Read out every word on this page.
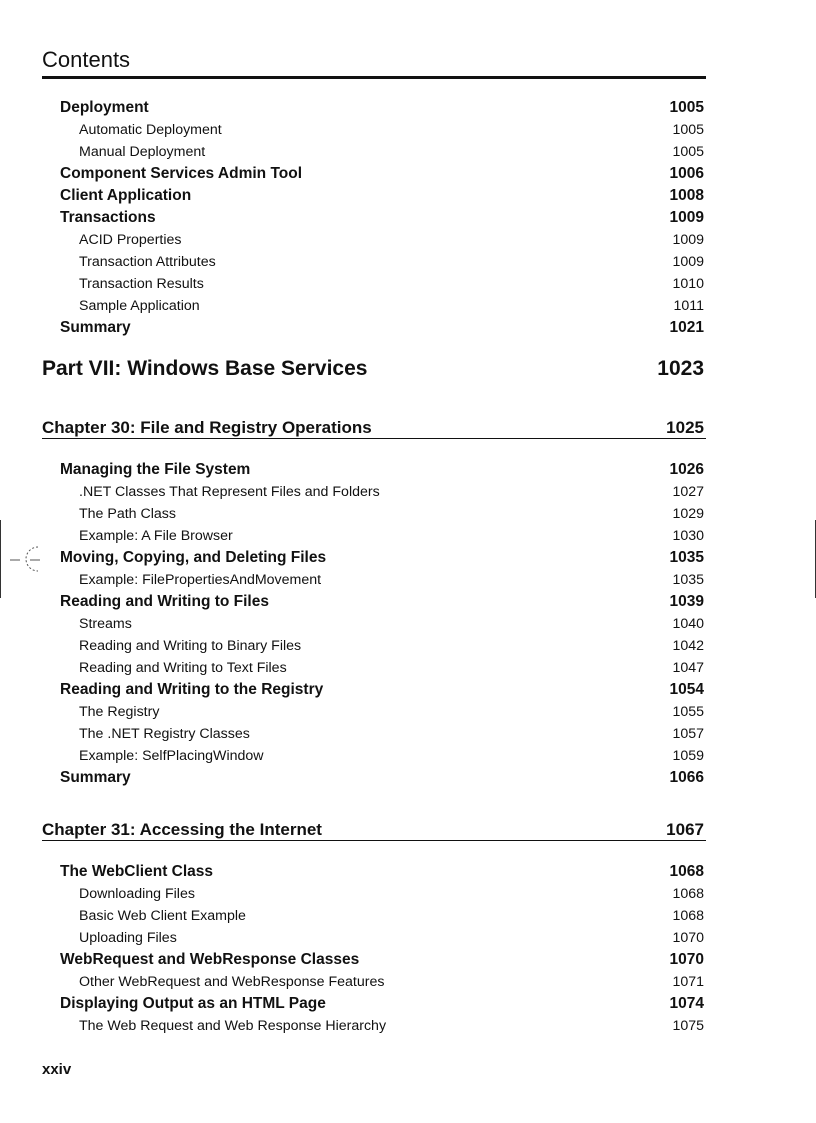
Contents
Deployment	1005
Automatic Deployment	1005
Manual Deployment	1005
Component Services Admin Tool	1006
Client Application	1008
Transactions	1009
ACID Properties	1009
Transaction Attributes	1009
Transaction Results	1010
Sample Application	1011
Summary	1021
Part VII: Windows Base Services	1023
Chapter 30: File and Registry Operations	1025
Managing the File System	1026
.NET Classes That Represent Files and Folders	1027
The Path Class	1029
Example: A File Browser	1030
Moving, Copying, and Deleting Files	1035
Example: FilePropertiesAndMovement	1035
Reading and Writing to Files	1039
Streams	1040
Reading and Writing to Binary Files	1042
Reading and Writing to Text Files	1047
Reading and Writing to the Registry	1054
The Registry	1055
The .NET Registry Classes	1057
Example: SelfPlacingWindow	1059
Summary	1066
Chapter 31: Accessing the Internet	1067
The WebClient Class	1068
Downloading Files	1068
Basic Web Client Example	1068
Uploading Files	1070
WebRequest and WebResponse Classes	1070
Other WebRequest and WebResponse Features	1071
Displaying Output as an HTML Page	1074
The Web Request and Web Response Hierarchy	1075
xxiv
